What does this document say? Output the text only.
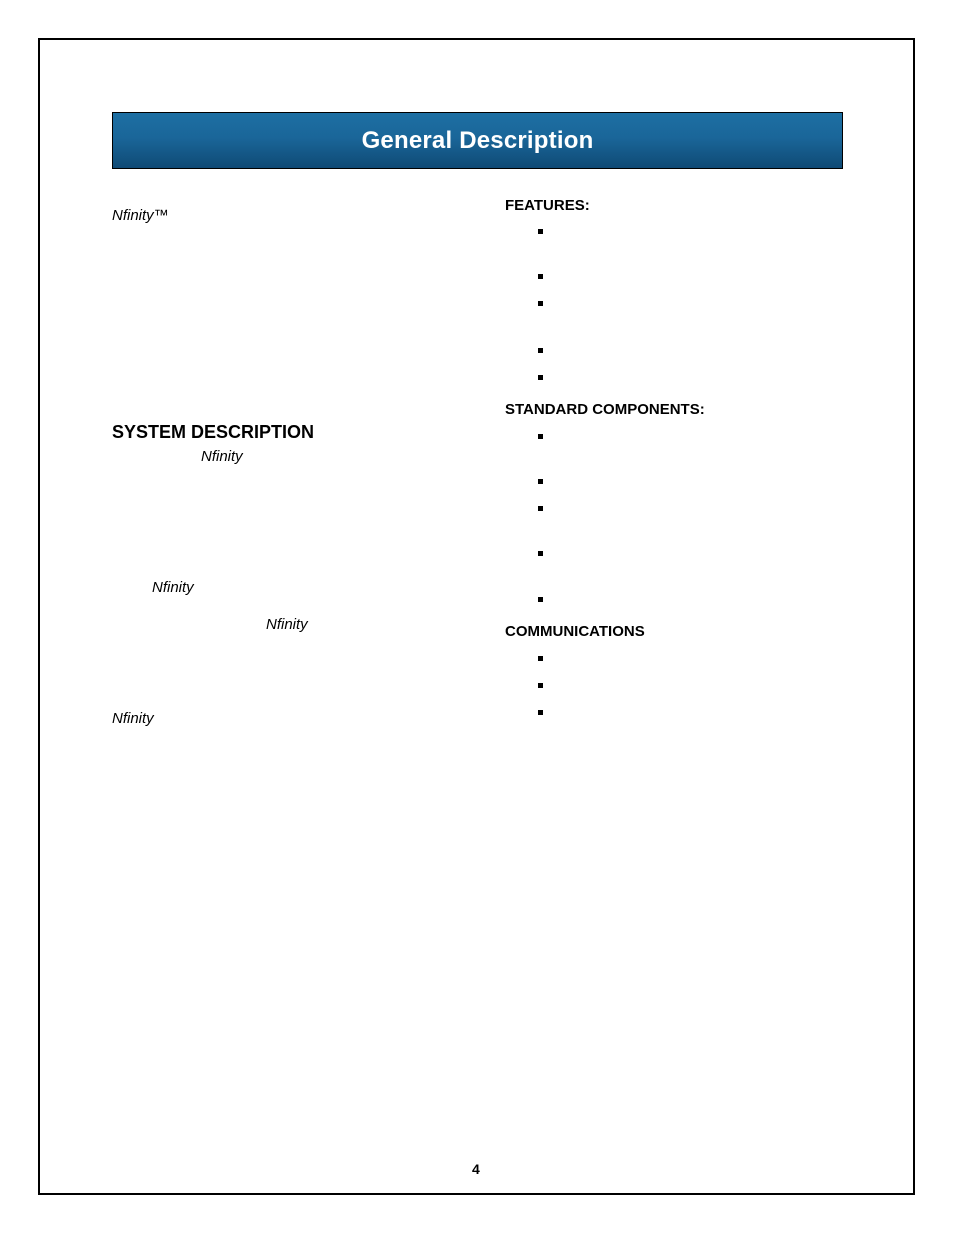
General Description
Nfinity™
SYSTEM DESCRIPTION
Nfinity
Nfinity
Nfinity
Nfinity
FEATURES:
STANDARD COMPONENTS:
COMMUNICATIONS
4
